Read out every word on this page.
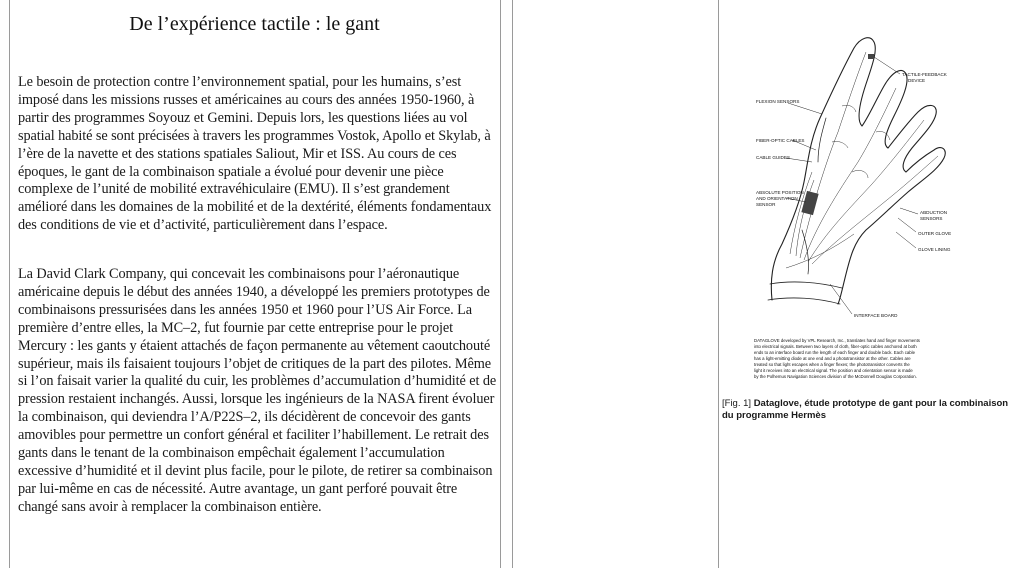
De l’expérience tactile : le gant

Le besoin de protection contre l’environnement spatial, pour les humains, s’est imposé dans les missions russes et américaines au cours des années 1950-1960, à partir des programmes Soyouz et Gemini. Depuis lors, les questions liées au vol spatial habité se sont précisées à travers les programmes Vostok, Apollo et Skylab, à l’ère de la navette et des stations spatiales Saliout, Mir et ISS. Au cours de ces époques, le gant de la combinaison spatiale a évolué pour devenir une pièce complexe de l’unité de mobilité extravéhiculaire (EMU). Il s’est grandement amélioré dans les domaines de la mobilité et de la dextérité, éléments fondamentaux des conditions de vie et d’activité, particulièrement dans l’espace.

La David Clark Company, qui concevait les combinaisons pour l’aéronautique américaine depuis le début des années 1940, a développé les premiers prototypes de combinaisons pressurisées dans les années 1950 et 1960 pour l’US Air Force. La première d’entre elles, la MC–2, fut fournie par cette entreprise pour le projet Mercury : les gants y étaient attachés de façon permanente au vêtement caoutchouté supérieur, mais ils faisaient toujours l’objet de critiques de la part des pilotes. Même si l’on faisait varier la qualité du cuir, les problèmes d’accumulation d’humidité et de pression restaient inchangés. Aussi, lorsque les ingénieurs de la NASA firent évoluer la combinaison, qui deviendra l’A/P22S–2, ils décidèrent de concevoir des gants amovibles pour permettre un confort général et faciliter l’habillement. Le retrait des gants dans le tenant de la combinaison empêchait également l’accumulation excessive d’humidité et il devint plus facile, pour le pilote, de retirer sa combinaison par lui-même en cas de nécessité. Autre avantage, un gant perforé pouvait être changé sans avoir à remplacer la combinaison entière.

TACTILE-FEEDBACK
DEVICE
FLEXION SENSORS
FIBER-OPTIC CABLES
CABLE GUIDES
ABSOLUTE POSITION
AND ORIENTATION
SENSOR
ABDUCTION
SENSORS
OUTER GLOVE
GLOVE LINING
INTERFACE BOARD
DATAGLOVE developed by VPL Research, Inc., translates hand and finger movements
into electrical signals. Between two layers of cloth, fiber-optic cables anchored at both
ends to an interface board run the length of each finger and double back. Each cable
has a light-emitting diode at one end and a phototransistor at the other. Cables are
treated so that light escapes when a finger flexes; the phototransistor converts the
light it receives into an electrical signal. The position and orientation sensor is made
by the Polhemus Navigation Sciences division of the McDonnell Douglas Corporation.
[Fig. 1] Dataglove, étude prototype de gant pour la combinaison du programme Hermès
